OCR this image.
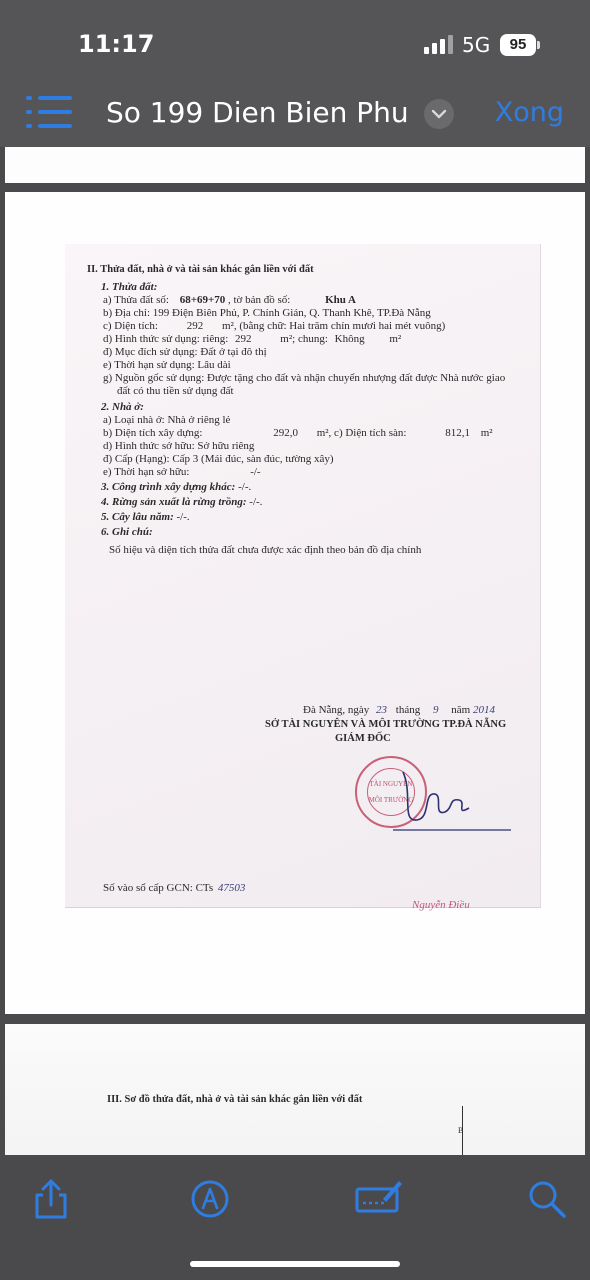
11:17	5G	95
So 199 Dien Bien Phu	Xong
II. Thửa đất, nhà ở và tài sản khác gắn liền với đất
1. Thửa đất:
a) Thửa đất số: 68+69+70 , tờ bản đồ số:	Khu A
b) Địa chỉ: 199 Điện Biên Phủ, P. Chính Gián, Q. Thanh Khê, TP.Đà Nẵng
c) Diện tích:	292 m², (bằng chữ: Hai trăm chín mươi hai mét vuông)
d) Hình thức sử dụng: riêng: 292	m²; chung: Không m²
đ) Mục đích sử dụng: Đất ở tại đô thị
e) Thời hạn sử dụng: Lâu dài
g) Nguồn gốc sử dụng: Được tặng cho đất và nhận chuyển nhượng đất được Nhà nước giao
đất có thu tiền sử dụng đất
2. Nhà ở:
a) Loại nhà ở: Nhà ở riêng lẻ
b) Diện tích xây dựng:	292,0 m², c) Diện tích sàn:	812,1 m²
d) Hình thức sở hữu: Sở hữu riêng
đ) Cấp (Hạng): Cấp 3 (Mái đúc, sàn đúc, tường xây)
e) Thời hạn sở hữu:	-/-
3. Công trình xây dựng khác: -/-.
4. Rừng sản xuất là rừng trồng: -/-.
5. Cây lâu năm: -/-.
6. Ghi chú:
Số hiệu và diện tích thửa đất chưa được xác định theo bản đồ địa chính
Đà Nẵng, ngày 23 tháng 9 năm 2014
SỞ TÀI NGUYÊN VÀ MÔI TRƯỜNG TP.ĐÀ NẴNG
GIÁM ĐỐC
TÀI NGUYÊN
MÔI TRƯỜNG
Nguyễn Điều
Số vào sổ cấp GCN: CTs 47503
III. Sơ đồ thửa đất, nhà ở và tài sản khác gắn liền với đất
B
